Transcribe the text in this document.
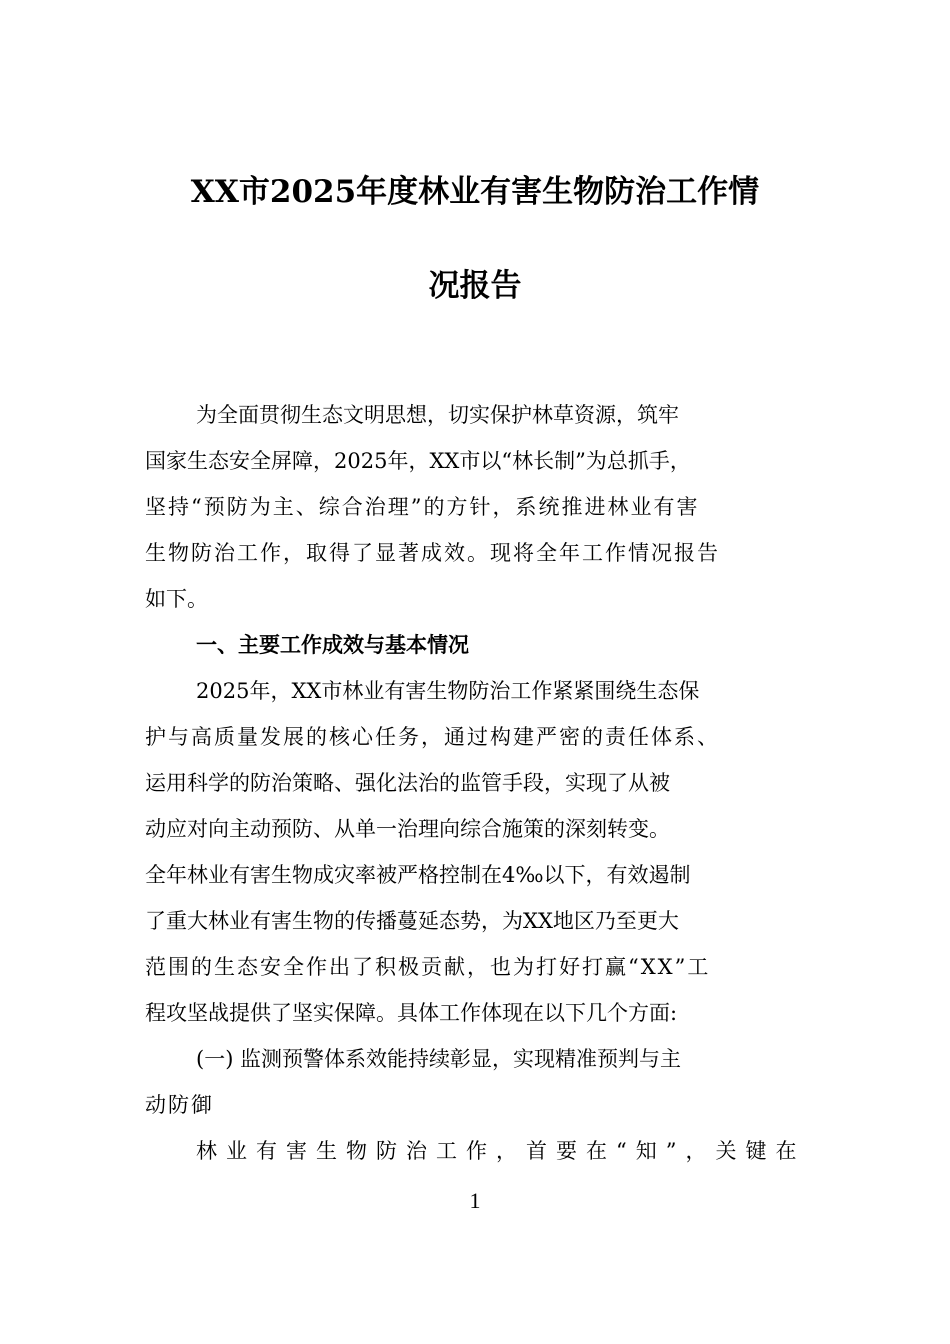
XX市2025年度林业有害生物防治工作情
况报告
为全面贯彻生态文明思想，切实保护林草资源，筑牢
国家生态安全屏障，2025年，XX市以“林长制”为总抓手，
坚持“预防为主、综合治理”的方针，系统推进林业有害
生物防治工作，取得了显著成效。现将全年工作情况报告
如下。
一、主要工作成效与基本情况
2025年，XX市林业有害生物防治工作紧紧围绕生态保
护与高质量发展的核心任务，通过构建严密的责任体系、
运用科学的防治策略、强化法治的监管手段，实现了从被
动应对向主动预防、从单一治理向综合施策的深刻转变。
全年林业有害生物成灾率被严格控制在4‰以下，有效遏制
了重大林业有害生物的传播蔓延态势，为XX地区乃至更大
范围的生态安全作出了积极贡献，也为打好打赢“XX”工
程攻坚战提供了坚实保障。具体工作体现在以下几个方面:
(一) 监测预警体系效能持续彰显，实现精准预判与主
动防御
林业有害生物防治工作，首要在“知”，关键在
1
